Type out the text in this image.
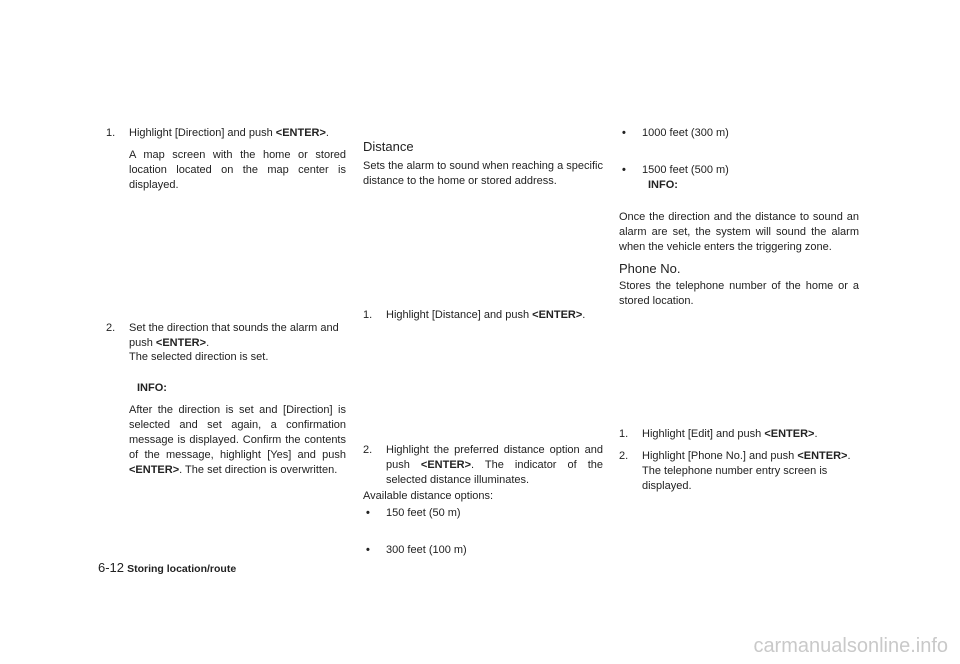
1. Highlight [Direction] and push <ENTER>.
A map screen with the home or stored location located on the map center is displayed.
2. Set the direction that sounds the alarm and push <ENTER>.
The selected direction is set.
INFO:
After the direction is set and [Direction] is selected and set again, a confirmation message is displayed. Confirm the contents of the message, highlight [Yes] and push <ENTER>. The set direction is overwritten.
Distance
Sets the alarm to sound when reaching a specific distance to the home or stored address.
1. Highlight [Distance] and push <ENTER>.
2. Highlight the preferred distance option and push <ENTER>. The indicator of the selected distance illuminates.
Available distance options:
• 150 feet (50 m)
• 300 feet (100 m)
• 1000 feet (300 m)
• 1500 feet (500 m)
INFO:
Once the direction and the distance to sound an alarm are set, the system will sound the alarm when the vehicle enters the triggering zone.
Phone No.
Stores the telephone number of the home or a stored location.
1. Highlight [Edit] and push <ENTER>.
2. Highlight [Phone No.] and push <ENTER>.
The telephone number entry screen is displayed.
6-12 Storing location/route
carmanualsonline.info
